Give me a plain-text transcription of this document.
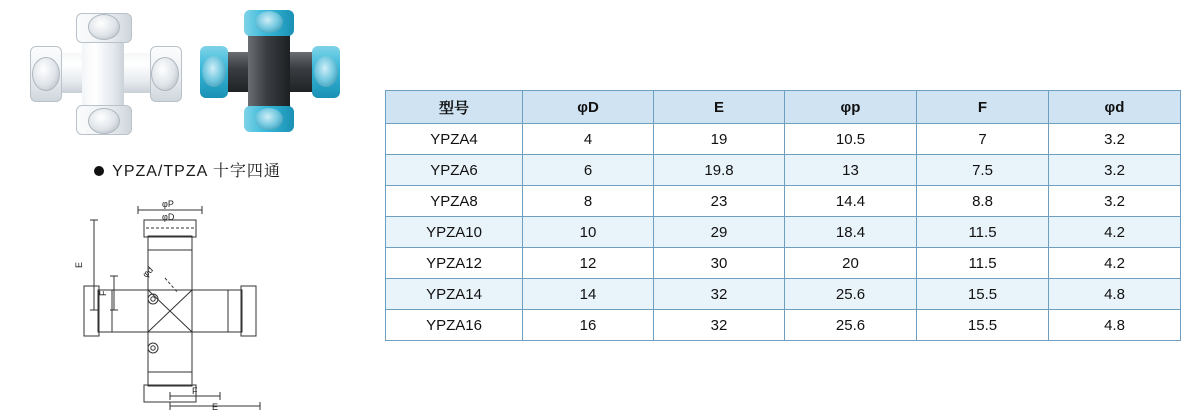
YPZA/TPZA 十字四通
φP
φD
φd
E
F
F
E
型号	φD	E	φp	F	φd
YPZA4	4	19	10.5	7	3.2
YPZA6	6	19.8	13	7.5	3.2
YPZA8	8	23	14.4	8.8	3.2
YPZA10	10	29	18.4	11.5	4.2
YPZA12	12	30	20	11.5	4.2
YPZA14	14	32	25.6	15.5	4.8
YPZA16	16	32	25.6	15.5	4.8
